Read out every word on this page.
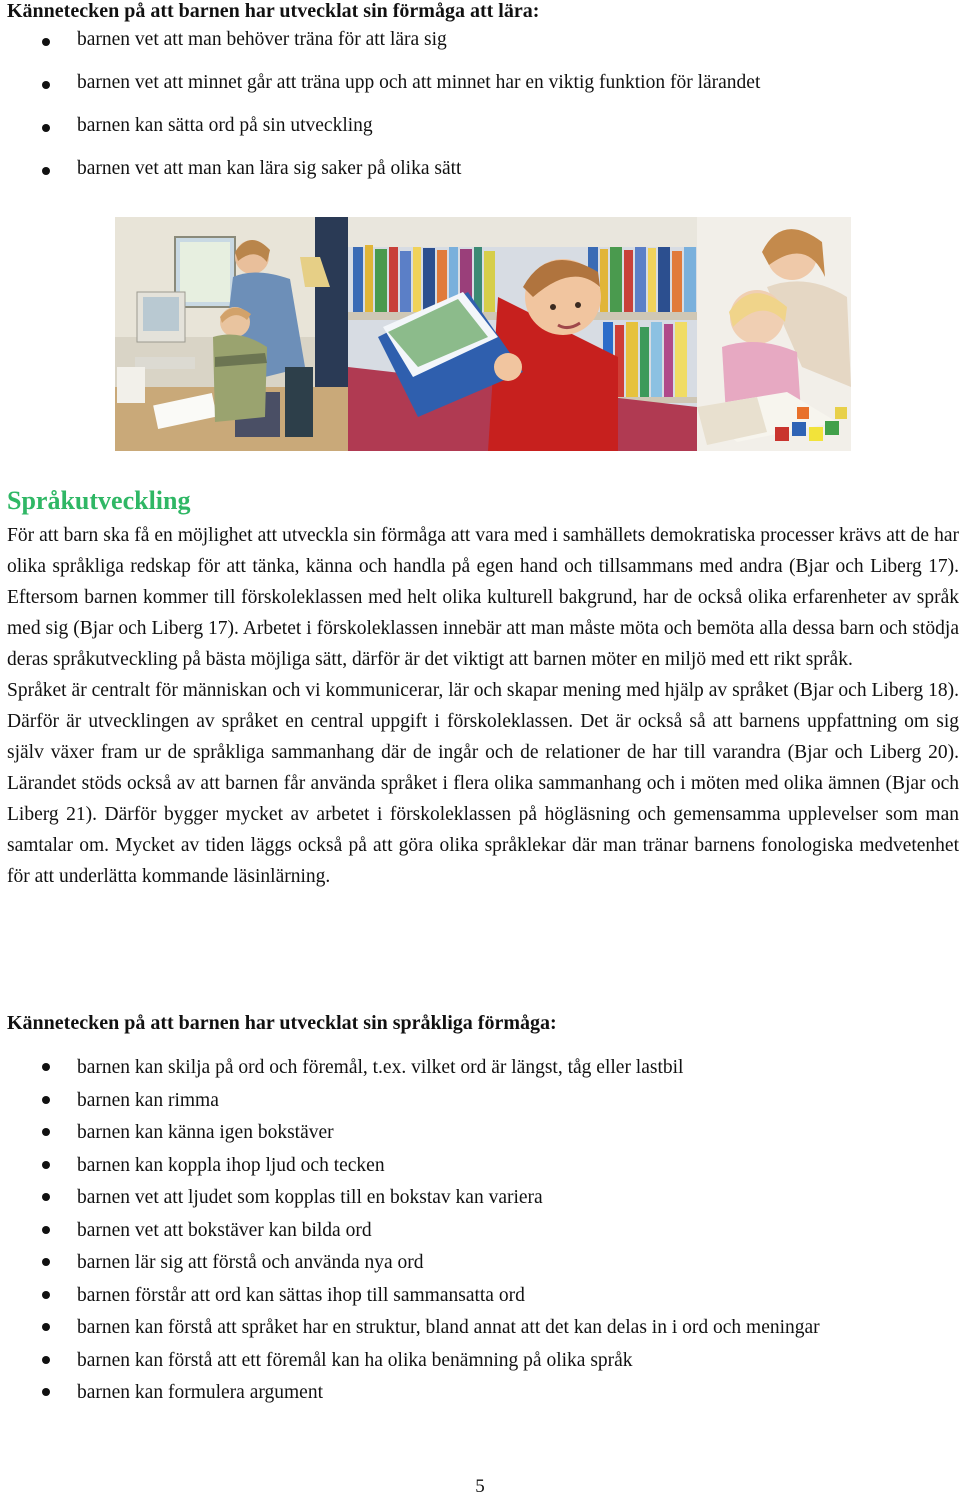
Kännetecken på att barnen har utvecklat sin förmåga att lära:
barnen vet att man behöver träna för att lära sig
barnen vet att minnet går att träna upp och att minnet har en viktig funktion för lärandet
barnen kan sätta ord på sin utveckling
barnen vet att man kan lära sig saker på olika sätt
Språkutveckling

För att barn ska få en möjlighet att utveckla sin förmåga att vara med i samhällets demokratiska processer krävs att de har olika språkliga redskap för att tänka, känna och handla på egen hand och tillsammans med andra (Bjar och Liberg 17). Eftersom barnen kommer till förskoleklassen med helt olika kulturell bakgrund, har de också olika erfarenheter av språk med sig (Bjar och Liberg 17). Arbetet i förskoleklassen innebär att man måste möta och bemöta alla dessa barn och stödja deras språkutveckling på bästa möjliga sätt, därför är det viktigt att barnen möter en miljö med ett rikt språk.

Språket är centralt för människan och vi kommunicerar, lär och skapar mening med hjälp av språket (Bjar och Liberg 18). Därför är utvecklingen av språket en central uppgift i förskoleklassen. Det är också så att barnens uppfattning om sig själv växer fram ur de språkliga sammanhang där de ingår och de relationer de har till varandra (Bjar och Liberg 20). Lärandet stöds också av att barnen får använda språket i flera olika sammanhang och i möten med olika ämnen (Bjar och Liberg 21). Därför bygger mycket av arbetet i förskoleklassen på högläsning och gemensamma upplevelser som man samtalar om. Mycket av tiden läggs också på att göra olika språklekar där man tränar barnens fonologiska medvetenhet för att underlätta kommande läsinlärning.

Kännetecken på att barnen har utvecklat sin språkliga förmåga:
barnen kan skilja på ord och föremål, t.ex. vilket ord är längst, tåg eller lastbil
barnen kan rimma
barnen kan känna igen bokstäver
barnen kan koppla ihop ljud och tecken
barnen vet att ljudet som kopplas till en bokstav kan variera
barnen vet att bokstäver kan bilda ord
barnen lär sig att förstå och använda nya ord
barnen förstår att ord kan sättas ihop till sammansatta ord
barnen kan förstå att språket har en struktur, bland annat att det kan delas in i ord och meningar
barnen kan förstå att ett föremål kan ha olika benämning på olika språk
barnen kan formulera argument
5
